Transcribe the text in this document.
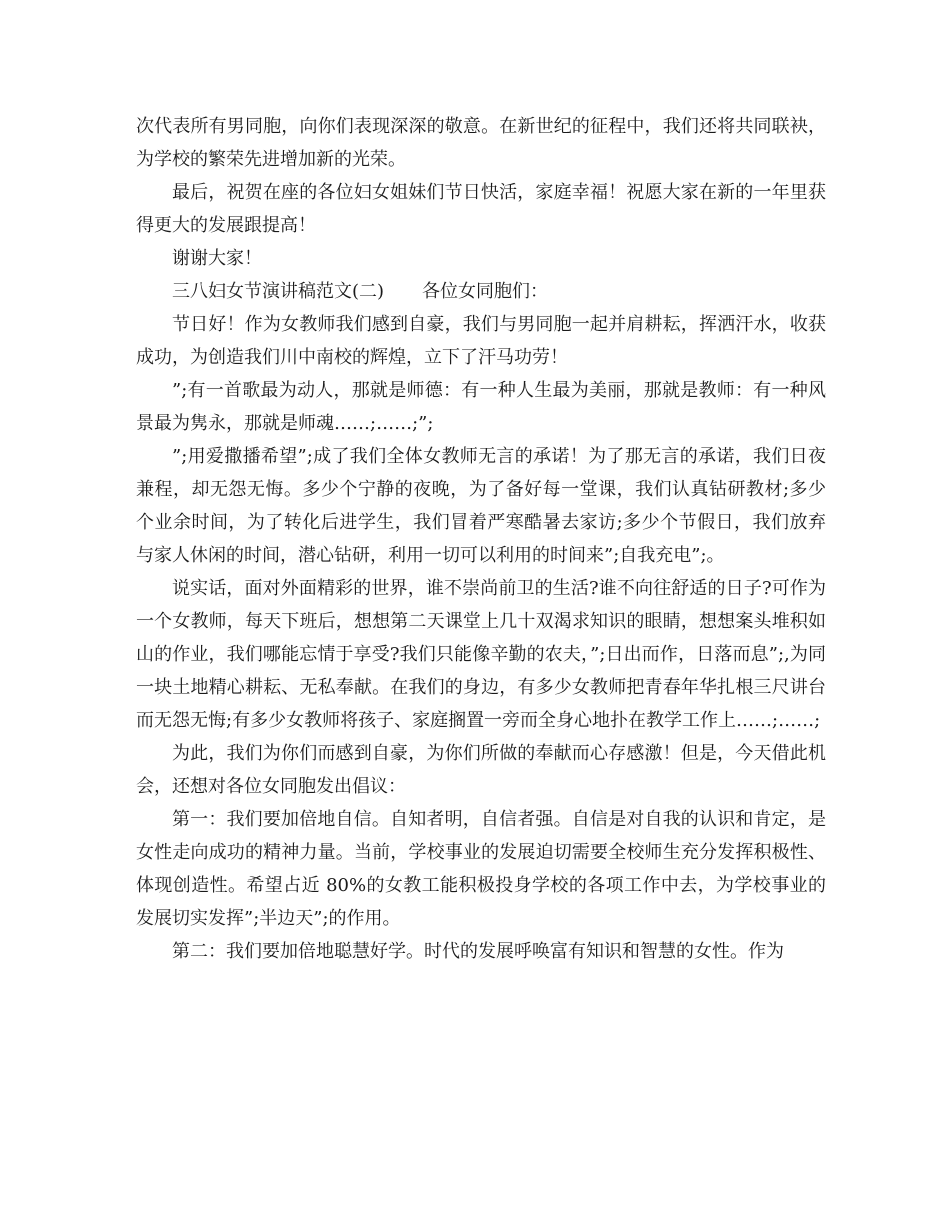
次代表所有男同胞，向你们表现深深的敬意。在新世纪的征程中，我们还将共同联袂，为学校的繁荣先进增加新的光荣。

最后，祝贺在座的各位妇女姐妹们节日快活，家庭幸福！祝愿大家在新的一年里获得更大的发展跟提高！

谢谢大家！

三八妇女节演讲稿范文(二) 各位女同胞们：

节日好！作为女教师我们感到自豪，我们与男同胞一起并肩耕耘，挥洒汗水，收获成功，为创造我们川中南校的辉煌，立下了汗马功劳！

”;有一首歌最为动人，那就是师德：有一种人生最为美丽，那就是教师：有一种风景最为隽永，那就是师魂……;……;”;

”;用爱撒播希望”;成了我们全体女教师无言的承诺！为了那无言的承诺，我们日夜兼程，却无怨无悔。多少个宁静的夜晚，为了备好每一堂课，我们认真钻研教材;多少个业余时间，为了转化后进学生，我们冒着严寒酷暑去家访;多少个节假日，我们放弃与家人休闲的时间，潜心钻研，利用一切可以利用的时间来”;自我充电”;。

说实话，面对外面精彩的世界，谁不崇尚前卫的生活?谁不向往舒适的日子?可作为一个女教师，每天下班后，想想第二天课堂上几十双渴求知识的眼睛，想想案头堆积如山的作业，我们哪能忘情于享受?我们只能像辛勤的农夫，”;日出而作，日落而息”;,为同一块土地精心耕耘、无私奉献。在我们的身边，有多少女教师把青春年华扎根三尺讲台而无怨无悔;有多少女教师将孩子、家庭搁置一旁而全身心地扑在教学工作上……;……;

为此，我们为你们而感到自豪，为你们所做的奉献而心存感激！但是，今天借此机会，还想对各位女同胞发出倡议：

第一：我们要加倍地自信。自知者明，自信者强。自信是对自我的认识和肯定，是女性走向成功的精神力量。当前，学校事业的发展迫切需要全校师生充分发挥积极性、体现创造性。希望占近 80%的女教工能积极投身学校的各项工作中去，为学校事业的发展切实发挥”;半边天”;的作用。

第二：我们要加倍地聪慧好学。时代的发展呼唤富有知识和智慧的女性。作为
